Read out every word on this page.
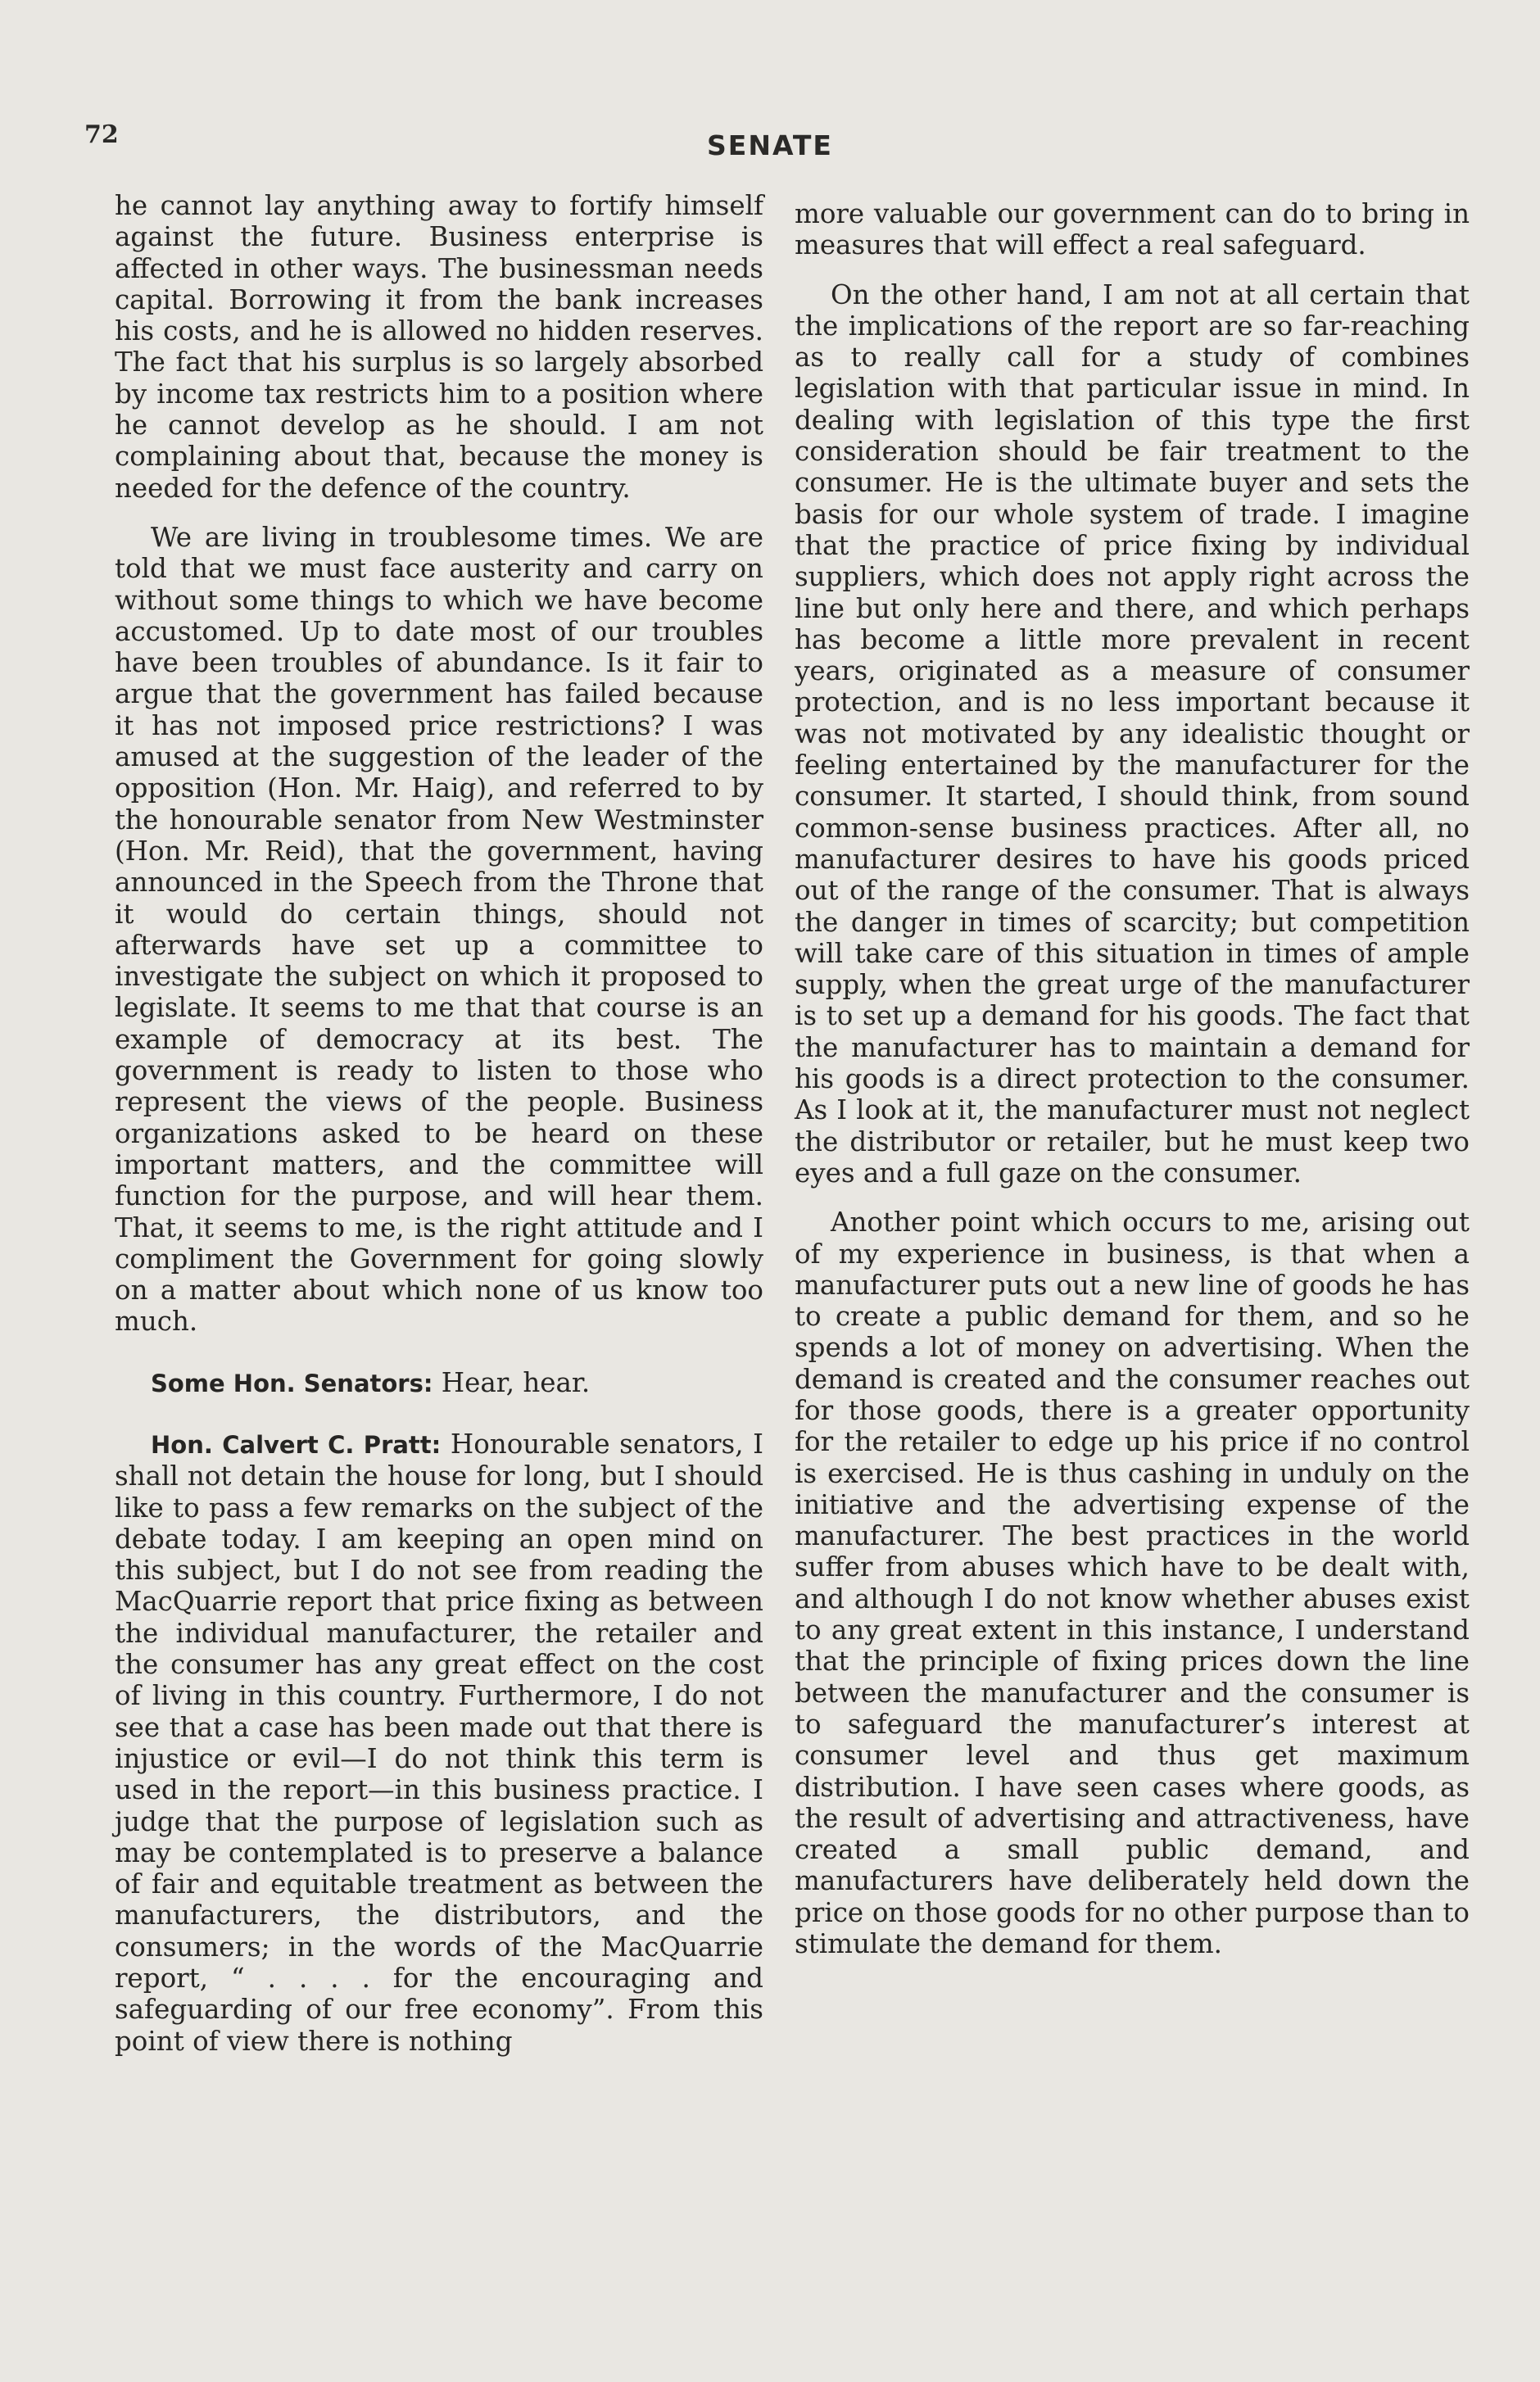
72	SENATE

he cannot lay anything away to fortify himself against the future. Business enterprise is affected in other ways. The businessman needs capital. Borrowing it from the bank increases his costs, and he is allowed no hidden reserves. The fact that his surplus is so largely absorbed by income tax restricts him to a position where he cannot develop as he should. I am not complaining about that, because the money is needed for the defence of the country.

We are living in troublesome times. We are told that we must face austerity and carry on without some things to which we have become accustomed. Up to date most of our troubles have been troubles of abundance. Is it fair to argue that the government has failed because it has not imposed price restrictions? I was amused at the suggestion of the leader of the opposition (Hon. Mr. Haig), and referred to by the honourable senator from New Westminster (Hon. Mr. Reid), that the government, having announced in the Speech from the Throne that it would do certain things, should not afterwards have set up a committee to investigate the subject on which it proposed to legislate. It seems to me that that course is an example of democracy at its best. The government is ready to listen to those who represent the views of the people. Business organizations asked to be heard on these important matters, and the committee will function for the purpose, and will hear them. That, it seems to me, is the right attitude and I compliment the Government for going slowly on a matter about which none of us know too much.

Some Hon. Senators: Hear, hear.

Hon. Calvert C. Pratt: Honourable senators, I shall not detain the house for long, but I should like to pass a few remarks on the subject of the debate today. I am keeping an open mind on this subject, but I do not see from reading the MacQuarrie report that price fixing as between the individual manufacturer, the retailer and the consumer has any great effect on the cost of living in this country. Furthermore, I do not see that a case has been made out that there is injustice or evil—I do not think this term is used in the report—in this business practice. I judge that the purpose of legislation such as may be contemplated is to preserve a balance of fair and equitable treatment as between the manufacturers, the distributors, and the consumers; in the words of the MacQuarrie report, “ . . . . for the encouraging and safeguarding of our free economy”. From this point of view there is nothing

more valuable our government can do to bring in measures that will effect a real safeguard.

On the other hand, I am not at all certain that the implications of the report are so far-reaching as to really call for a study of combines legislation with that particular issue in mind. In dealing with legislation of this type the first consideration should be fair treatment to the consumer. He is the ultimate buyer and sets the basis for our whole system of trade. I imagine that the practice of price fixing by individual suppliers, which does not apply right across the line but only here and there, and which perhaps has become a little more prevalent in recent years, originated as a measure of consumer protection, and is no less important because it was not motivated by any idealistic thought or feeling entertained by the manufacturer for the consumer. It started, I should think, from sound common-sense business practices. After all, no manufacturer desires to have his goods priced out of the range of the consumer. That is always the danger in times of scarcity; but competition will take care of this situation in times of ample supply, when the great urge of the manufacturer is to set up a demand for his goods. The fact that the manufacturer has to maintain a demand for his goods is a direct protection to the consumer. As I look at it, the manufacturer must not neglect the distributor or retailer, but he must keep two eyes and a full gaze on the consumer.

Another point which occurs to me, arising out of my experience in business, is that when a manufacturer puts out a new line of goods he has to create a public demand for them, and so he spends a lot of money on advertising. When the demand is created and the consumer reaches out for those goods, there is a greater opportunity for the retailer to edge up his price if no control is exercised. He is thus cashing in unduly on the initiative and the advertising expense of the manufacturer. The best practices in the world suffer from abuses which have to be dealt with, and although I do not know whether abuses exist to any great extent in this instance, I understand that the principle of fixing prices down the line between the manufacturer and the consumer is to safeguard the manufacturer’s interest at consumer level and thus get maximum distribution. I have seen cases where goods, as the result of advertising and attractiveness, have created a small public demand, and manufacturers have deliberately held down the price on those goods for no other purpose than to stimulate the demand for them.
